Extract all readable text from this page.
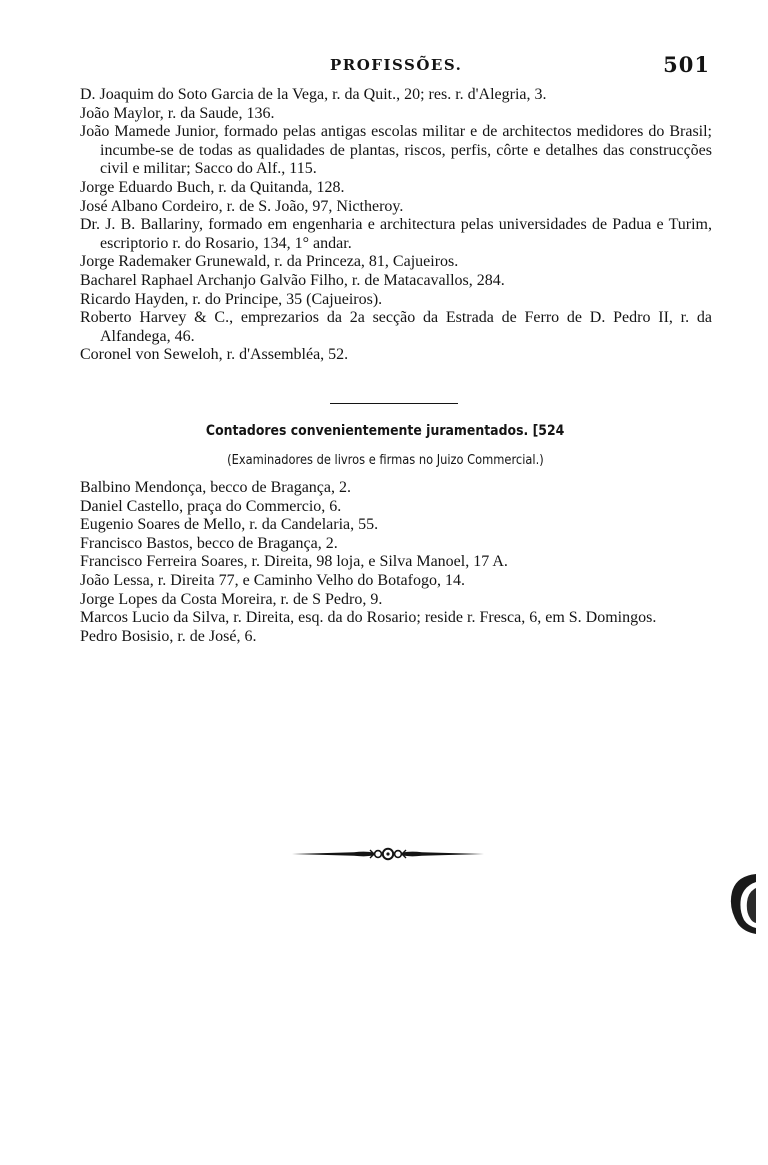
PROFISSÕES.	501

D. Joaquim do Soto Garcia de la Vega, r. da Quit., 20; res. r. d'Alegria, 3.

João Maylor, r. da Saude, 136.

João Mamede Junior, formado pelas antigas escolas militar e de architectos medidores do Brasil; incumbe-se de todas as qualidades de plantas, riscos, perfis, côrte e detalhes das construcções civil e militar; Sacco do Alf., 115.

Jorge Eduardo Buch, r. da Quitanda, 128.

José Albano Cordeiro, r. de S. João, 97, Nictheroy.

Dr. J. B. Ballariny, formado em engenharia e architectura pelas universidades de Padua e Turim, escriptorio r. do Rosario, 134, 1° andar.

Jorge Rademaker Grunewald, r. da Princeza, 81, Cajueiros.

Bacharel Raphael Archanjo Galvão Filho, r. de Matacavallos, 284.

Ricardo Hayden, r. do Principe, 35 (Cajueiros).

Roberto Harvey & C., emprezarios da 2a secção da Estrada de Ferro de D. Pedro II, r. da Alfandega, 46.

Coronel von Seweloh, r. d'Assembléa, 52.

Contadores convenientemente juramentados. [524
(Examinadores de livros e firmas no Juizo Commercial.)

Balbino Mendonça, becco de Bragança, 2.

Daniel Castello, praça do Commercio, 6.

Eugenio Soares de Mello, r. da Candelaria, 55.

Francisco Bastos, becco de Bragança, 2.

Francisco Ferreira Soares, r. Direita, 98 loja, e Silva Manoel, 17 A.

João Lessa, r. Direita 77, e Caminho Velho do Botafogo, 14.

Jorge Lopes da Costa Moreira, r. de S Pedro, 9.

Marcos Lucio da Silva, r. Direita, esq. da do Rosario; reside r. Fresca, 6, em S. Domingos.

Pedro Bosisio, r. de José, 6.
